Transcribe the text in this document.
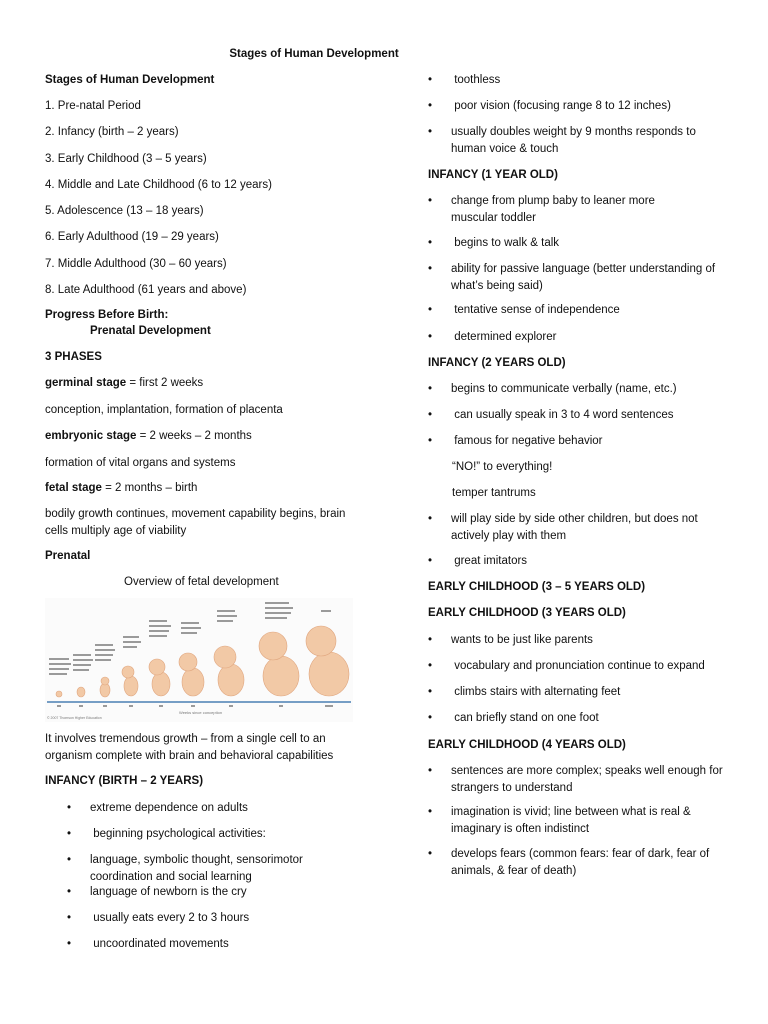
Stages of Human Development
Stages of Human Development
1. Pre-natal Period
2. Infancy (birth – 2 years)
3. Early Childhood (3 – 5 years)
4. Middle and Late Childhood (6 to 12 years)
5. Adolescence (13 – 18 years)
6. Early Adulthood (19 – 29 years)
7. Middle Adulthood (30 – 60 years)
8. Late Adulthood (61 years and above)
Progress Before Birth:
Prenatal Development
3 PHASES
germinal stage = first 2 weeks
conception, implantation, formation of placenta
embryonic stage = 2 weeks – 2 months
formation of vital organs and systems
fetal stage = 2 months – birth
bodily growth continues, movement capability begins, brain cells multiply age of viability
Prenatal
Overview of fetal development
It involves tremendous growth – from a single cell to an organism complete with brain and behavioral capabilities
INFANCY (BIRTH – 2 YEARS)
• extreme dependence on adults
• beginning psychological activities:
• language, symbolic thought, sensorimotor coordination and social learning
• language of newborn is the cry
• usually eats every 2 to 3 hours
• uncoordinated movements
Weeks since conception
© 2007 Thomson Higher Education
• toothless
• poor vision (focusing range 8 to 12 inches)
• usually doubles weight by 9 months responds to human voice & touch
INFANCY (1 YEAR OLD)
• change from plump baby to leaner more muscular toddler
• begins to walk & talk
• ability for passive language (better understanding of what’s being said)
• tentative sense of independence
• determined explorer
INFANCY (2 YEARS OLD)
• begins to communicate verbally (name, etc.)
• can usually speak in 3 to 4 word sentences
• famous for negative behavior
“NO!” to everything!
temper tantrums
• will play side by side other children, but does not actively play with them
• great imitators
EARLY CHILDHOOD (3 – 5 YEARS OLD)
EARLY CHILDHOOD (3 YEARS OLD)
• wants to be just like parents
• vocabulary and pronunciation continue to expand
• climbs stairs with alternating feet
• can briefly stand on one foot
EARLY CHILDHOOD (4 YEARS OLD)
• sentences are more complex; speaks well enough for strangers to understand
• imagination is vivid; line between what is real & imaginary is often indistinct
• develops fears (common fears: fear of dark, fear of animals, & fear of death)
